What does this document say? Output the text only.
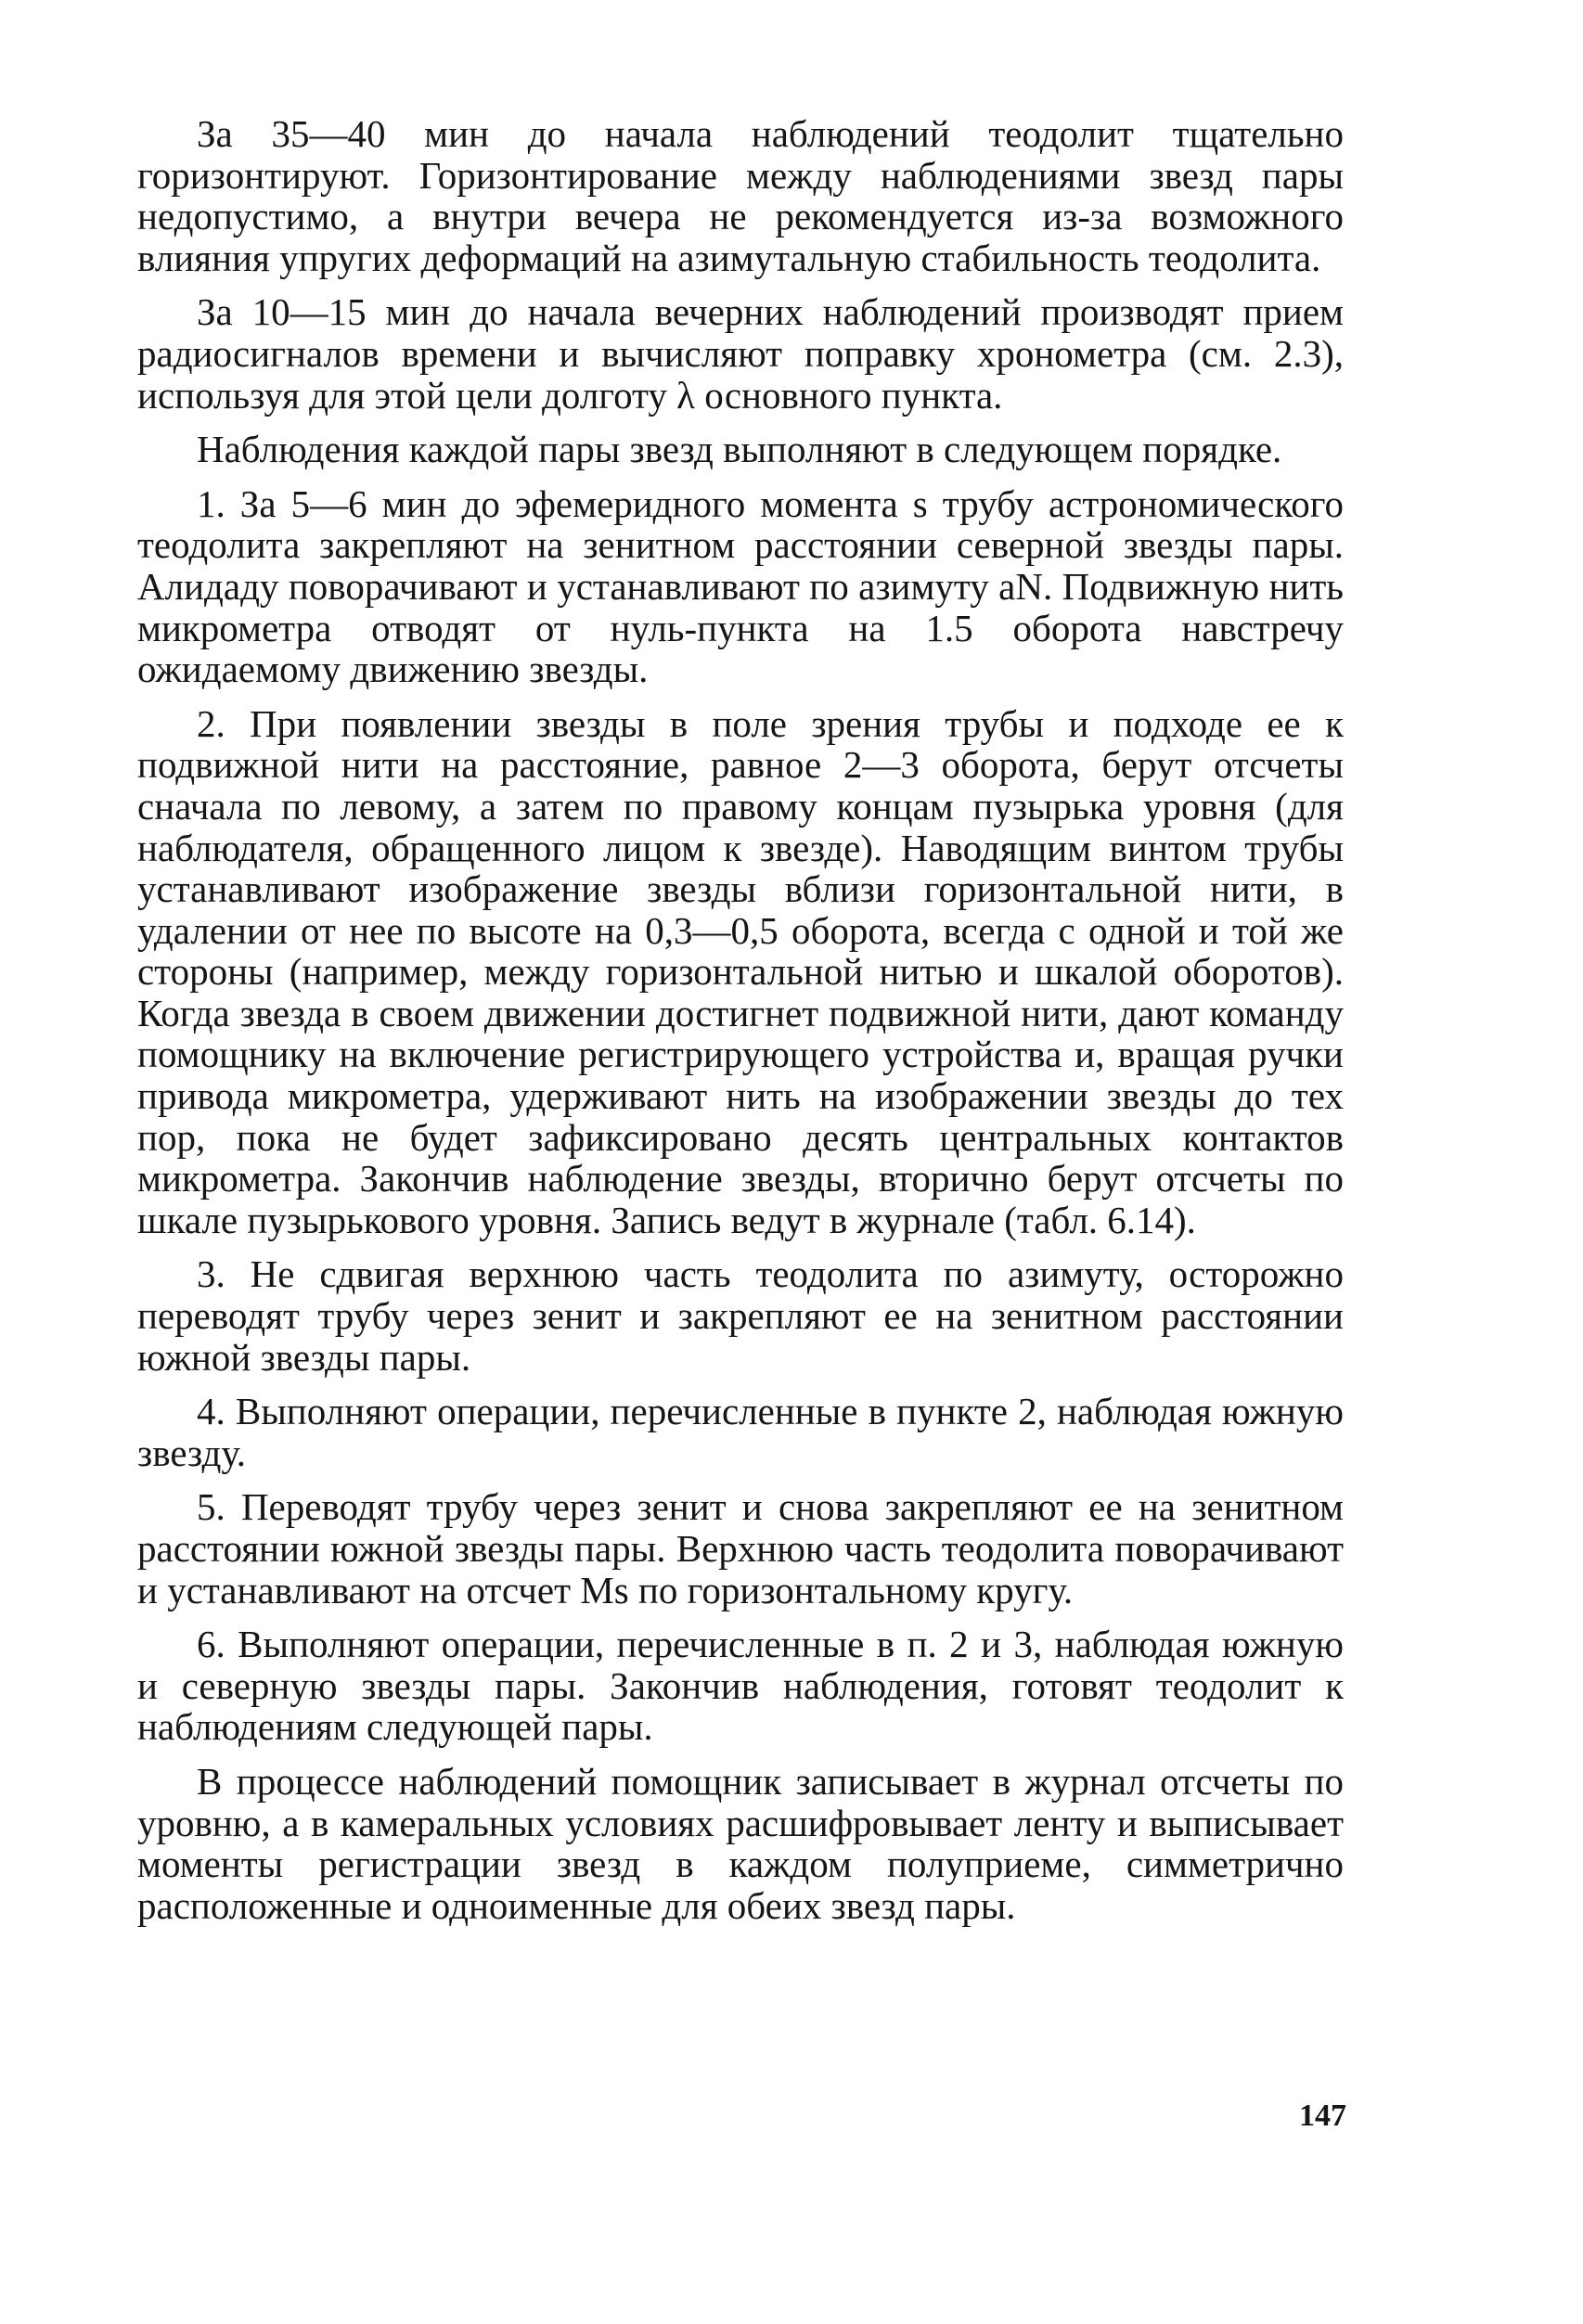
За 35—40 мин до начала наблюдений теодолит тщательно горизонтируют. Горизонтирование между наблюдениями звезд пары недопустимо, а внутри вечера не рекомендуется из-за возможного влияния упругих деформаций на азимутальную стабильность теодолита.

За 10—15 мин до начала вечерних наблюдений производят прием радиосигналов времени и вычисляют поправку хронометра (см. 2.3), используя для этой цели долготу λ основного пункта.

Наблюдения каждой пары звезд выполняют в следующем порядке.

1. За 5—6 мин до эфемеридного момента s трубу астрономического теодолита закрепляют на зенитном расстоянии северной звезды пары. Алидаду поворачивают и устанавливают по азимуту aN. Подвижную нить микрометра отводят от нуль-пункта на 1.5 оборота навстречу ожидаемому движению звезды.

2. При появлении звезды в поле зрения трубы и подходе ее к подвижной нити на расстояние, равное 2—3 оборота, берут отсчеты сначала по левому, а затем по правому концам пузырька уровня (для наблюдателя, обращенного лицом к звезде). Наводящим винтом трубы устанавливают изображение звезды вблизи горизонтальной нити, в удалении от нее по высоте на 0,3—0,5 оборота, всегда с одной и той же стороны (например, между горизонтальной нитью и шкалой оборотов). Когда звезда в своем движении достигнет подвижной нити, дают команду помощнику на включение регистрирующего устройства и, вращая ручки привода микрометра, удерживают нить на изображении звезды до тех пор, пока не будет зафиксировано десять центральных контактов микрометра. Закончив наблюдение звезды, вторично берут отсчеты по шкале пузырькового уровня. Запись ведут в журнале (табл. 6.14).

3. Не сдвигая верхнюю часть теодолита по азимуту, осторожно переводят трубу через зенит и закрепляют ее на зенитном расстоянии южной звезды пары.

4. Выполняют операции, перечисленные в пункте 2, наблюдая южную звезду.

5. Переводят трубу через зенит и снова закрепляют ее на зенитном расстоянии южной звезды пары. Верхнюю часть теодолита поворачивают и устанавливают на отсчет Ms по горизонтальному кругу.

6. Выполняют операции, перечисленные в п. 2 и 3, наблюдая южную и северную звезды пары. Закончив наблюдения, готовят теодолит к наблюдениям следующей пары.

В процессе наблюдений помощник записывает в журнал отсчеты по уровню, а в камеральных условиях расшифровывает ленту и выписывает моменты регистрации звезд в каждом полуприеме, симметрично расположенные и одноименные для обеих звезд пары.

147
